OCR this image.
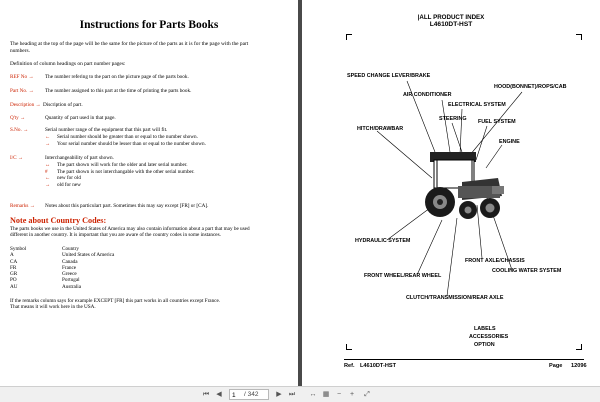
Instructions for Parts Books
The heading at the top of the page will be the same for the picture of the parts as it is for the page with the part
numbers.
Definition of column headings on part number pages:
REF No → The number refering to the part on the picture page of the parts book.
Part No. → The number assigned to this part at the time of printing the parts book.
Description → Discription of part.
Q'ty →	Quantity of part used in that page.
S.No. →	Serial number range of the equipment that this part will fit.
← Serial number should be greater than or equal to the number shown.
→ Your serial number should be lesser than or equal to the number shown.
I/C →	Interchangeability of part shown.
↔ The part shown will work for the older and later serial number.
# The part shown is not interchangable with the other serial number.
← new for old
→ old for new
Remarks → Notes about this particulart part. Sometimes this may say except [FR] or [CA].
Note about Country Codes:
The parts books we use in the United States of America may also contain information about a part that may be used
different in another country. It is important that you are aware of the country codes in some instances.
Symbol	Country
A	United States of America
CA	Canada
FR	France
GR	Greece
PO	Portugal
AU	Australia
If the remarks column says for example EXCEPT [FR] this part works in all countries except France.
That means it will work here in the USA.
|ALL PRODUCT INDEX
L4610DT-HST
SPEED CHANGE LEVER/BRAKE
HOOD(BONNET)/ROPS/CAB
AIR CONDITIONER
ELECTRICAL SYSTEM
STEERING FUEL SYSTEM
HITCH/DRAWBAR
ENGINE
HYDRAULIC SYSTEM
FRONT AXLE/CHASSIS
COOLING WATER SYSTEM
FRONT WHEEL/REAR WHEEL
CLUTCH/TRANSMISSION/REAR AXLE
LABELS
ACCESSORIES
OPTION
Ref. L4610DT-HST	Page 12096
⏮	◀
1	/ 342	▶	⏭ ↔ ▦	−	+	⤢
